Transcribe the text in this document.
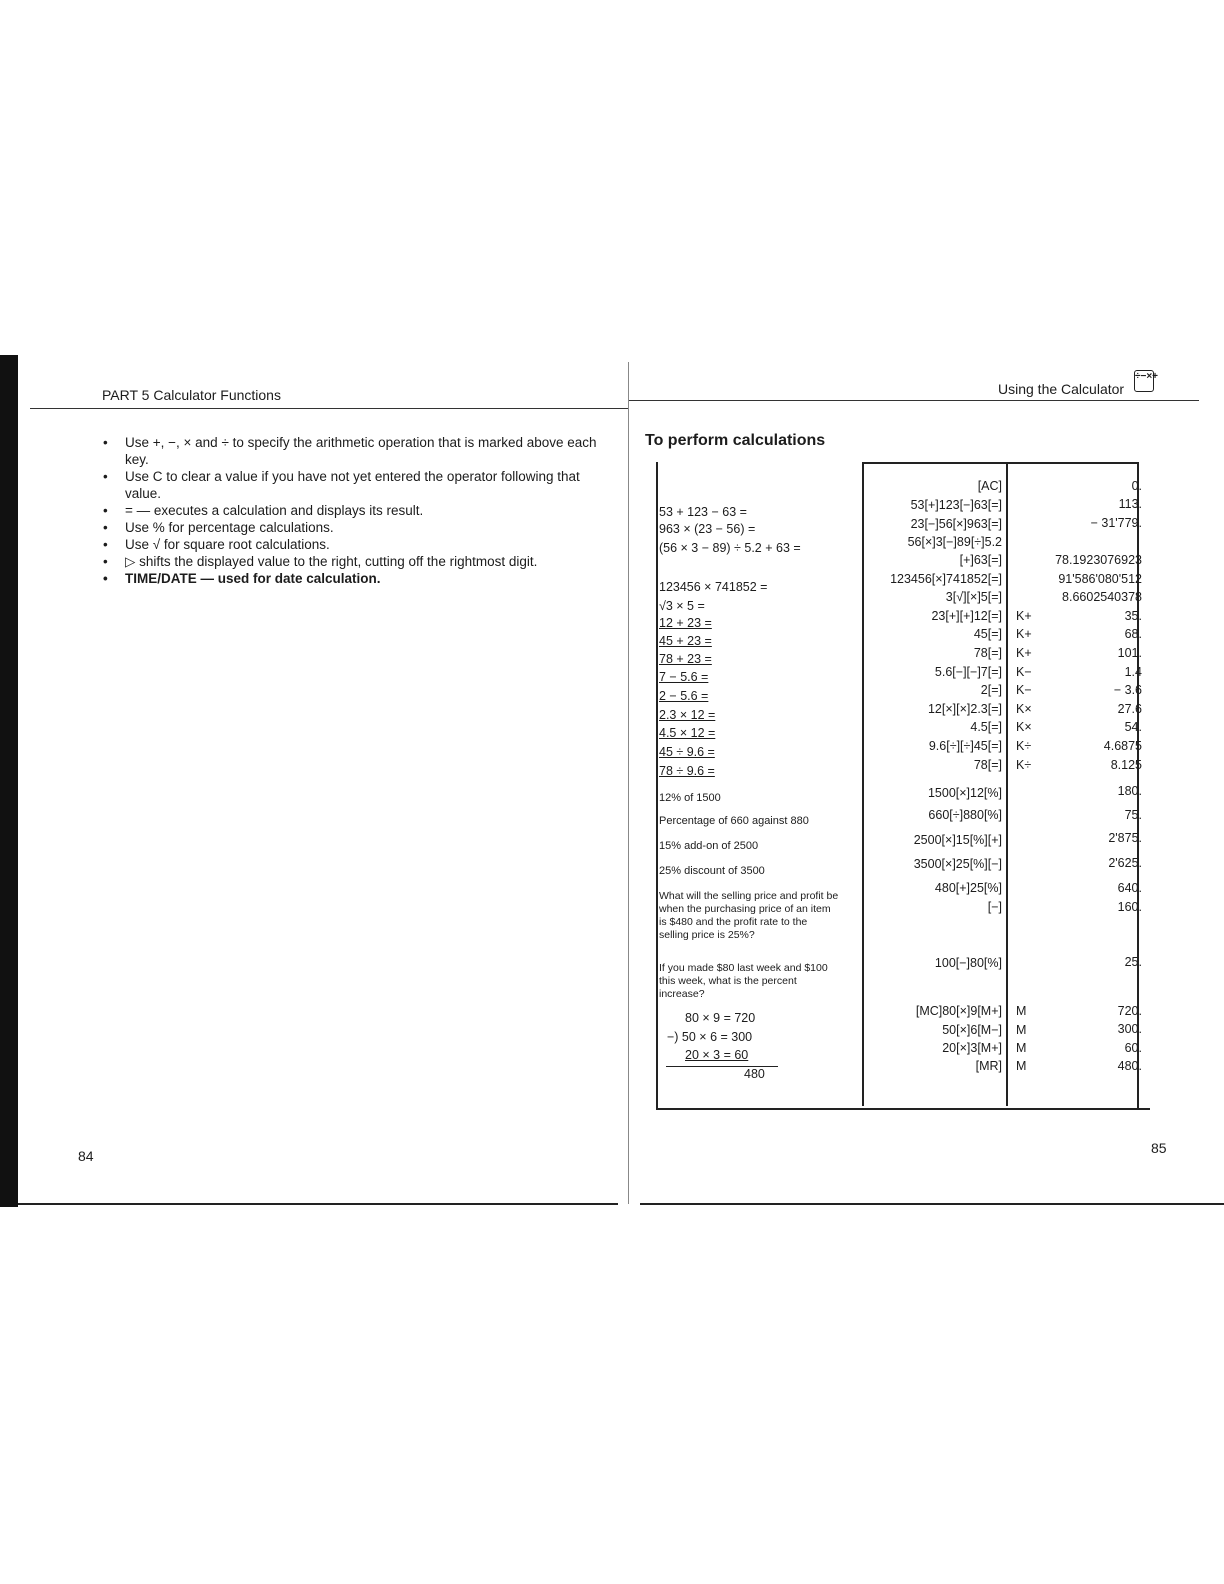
PART 5 Calculator Functions
• Use +, −, × and ÷ to specify the arithmetic operation that is marked above each key.
• Use C to clear a value if you have not yet entered the operator following that value.
• = — executes a calculation and displays its result.
• Use % for percentage calculations.
• Use √ for square root calculations.
• ▷ shifts the displayed value to the right, cutting off the rightmost digit.
• TIME/DATE — used for date calculation.
84
Using the Calculator
÷−×+
To perform calculations
53 + 123 − 63 =
963 × (23 − 56) =
(56 × 3 − 89) ÷ 5.2 + 63 =
123456 × 741852 =
√3 × 5 =
12 + 23 =
45 + 23 =
78 + 23 =
7 − 5.6 =
2 − 5.6 =
2.3 × 12 =
4.5 × 12 =
45 ÷ 9.6 =
78 ÷ 9.6 =
12% of 1500
Percentage of 660 against 880
15% add-on of 2500
25% discount of 3500
What will the selling price and profit be when the purchasing price of an item is $480 and the profit rate to the selling price is 25%?
If you made $80 last week and $100 this week, what is the percent increase?
80 × 9 = 720
−) 50 × 6 = 300
20 × 3 = 60
480
[AC]
53[+]123[−]63[=]
23[−]56[×]963[=]
56[×]3[−]89[÷]5.2
[+]63[=]
123456[×]741852[=]
3[√][×]5[=]
23[+][+]12[=]
45[=]
78[=]
5.6[−][−]7[=]
2[=]
12[×][×]2.3[=]
4.5[=]
9.6[÷][÷]45[=]
78[=]
1500[×]12[%]
660[÷]880[%]
2500[×]15[%][+]
3500[×]25[%][−]
480[+]25[%]
[−]
100[−]80[%]
[MC]80[×]9[M+]
50[×]6[M−]
20[×]3[M+]
[MR]
K+
K+
K+
K−
K−
K×
K×
K÷
K÷
M
M
M
M
0.
113.
− 31'779.
78.1923076923
91'586'080'512
8.6602540378
35.
68.
101.
1.4
− 3.6
27.6
54.
4.6875
8.125
180.
75.
2'875.
2'625.
640.
160.
25.
720.
300.
60.
480.
85
